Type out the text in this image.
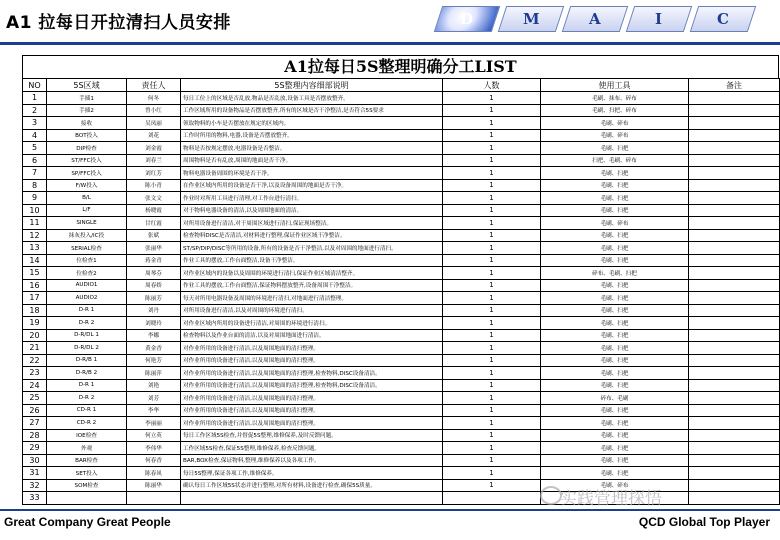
A1 拉每日开拉清扫人员安排	D	M	A	I	C
A1拉每日5S整理明确分工LIST
NO	5S区域	责任人	5S整理内容细部说明	人数	使用工具	备注
1	手插1	何冬	每日工位上的区域是否乱放,物品是否乱放,设备工具是否摆放整齐。	1	毛刷、抹布、碎布	
2	手插2	曾小红	工作区域所用的设备物品是否摆放整齐,所有的区域是否干净整洁,是否符合5S要求	1	毛刷、扫把、碎布	
3	接收	吴凤丽	领取物料的小车是否摆放在规定的区域内。	1	毛刷、碎布	
4	BOT投入	刘花	工作时所用的物料,电器,设备是否摆放整齐。	1	毛刷、碎布	
5	DIP检查	刘金霞	物料是否按规定摆放,电器设备是否整洁。	1	毛刷、扫把	
6	ST/FFC投入	刘春兰	周围物料是否有乱放,周围的地面是否干净。	1	扫把、毛刷、碎布	
7	SP/FFC投入	刘红芳	物料电器设备周围的环境是否干净。	1	毛刷、扫把	
8	F/W投入	陈小青	在作业区域内所用的设备是否干净,以及设备周围的地面是否干净。	1	毛刷、扫把	
9	B/L	张文文	作业时对所用工具进行清理,对工作台进行清扫。	1	毛刷、扫把	
10	L/F	杨晓霞	对于物料电器设备的清洁,以及周围地面的清洁。	1	毛刷、扫把	
11	SINGLE	甘红霞	对所用设备进行清洁,对于周围区域进行清扫,保证现场整洁。	1	毛刷、碎布	
12	抹灰投入/IC投	张斌	检查物料DISC是否清洁,对材料进行整理,保证作业区域干净整洁。	1	毛刷、扫把	
13	SERIAL检查	张丽华	ST/SP/DIP/DISC等所用的设备,所有的设备是否干净整洁,以及对周围的地面进行清扫。	1	毛刷、扫把	
14	位检查1	蒋金青	作业工具的摆放,工作台面整洁,设备干净整洁。	1	毛刷、扫把	
15	位检查2	周琴芬	对作业区域内的设备以及周围的环境进行清扫,保证作业区域清洁整齐。	1	碎布、毛刷、扫把	
16	AUDIO1	周春娇	作业工具的摆放,工作台面整洁,保证物料摆放整齐,设备周围干净整洁。	1	毛刷、扫把	
17	AUDIO2	陈丽芳	每天对所用电器设备及周围的环境进行清扫,对地面进行清洁整理。	1	毛刷、扫把	
18	D-R 1	刘丹	对所用设备进行清洁,以及对周围的环境进行清扫。	1	毛刷、扫把	
19	D-R 2	刘晓玲	对作业区域内所用的设备进行清洁,对周围的环境进行清扫。	1	毛刷、扫把	
20	D-R/DL 1	李娜	检查物料以及作业台面的清洁,以及对周围地面进行清洁。	1	毛刷、扫把	
21	D-R/DL 2	黄金香	对作业所用的设备进行清洁,以及周围地面的清扫整理。	1	毛刷、扫把	
22	D-R/B 1	何艳芳	对作业所用的设备进行清洁,以及周围地面的清扫整理。	1	毛刷、扫把	
23	D-R/B 2	陈丽萍	对作业所用的设备进行清洁,以及周围地面的清扫整理,检查物料,DISC设备清洁。	1	毛刷、扫把	
24	D-R 1	刘艳	对作业所用的设备进行清洁,以及周围地面的清扫整理,检查物料,DISC设备清洁。	1	毛刷、扫把	
25	D-R 2	刘芳	对作业所用的设备进行清洁,以及周围地面的清扫整理。	1	碎布、毛刷	
26	CD-R 1	李华	对作业所用的设备进行清洁,以及周围地面的清扫整理。	1	毛刷、扫把	
27	CD-R 2	李丽丽	对作业所用的设备进行清洁,以及周围地面的清扫整理。	1	毛刷、扫把	
28	IOE检查	何立英	每日工作区域5S检查,并督促5S整理,维修保养,及时反馈问题。	1	毛刷、扫把	
29	外观	李伟华	工作区域5S检查,保证5S整理,维修保养,检查反馈问题。	1	毛刷、扫把	
30	BAR检查	何春香	BAR,BOX检查,保证物料,整理,维修保养以及各项工作。	1	毛刷、扫把	
31	SET投入	陈春凤	每日5S整理,保证各项工作,维修保养。	1	毛刷、扫把	
32	SOM检查	陈丽华	确认每日工作区域5S状态并进行整理,对所有材料,设备进行检查,确保5S质量。	1	毛刷、碎布	
33							实践管理探悟
Great Company Great People	QCD Global Top Player
